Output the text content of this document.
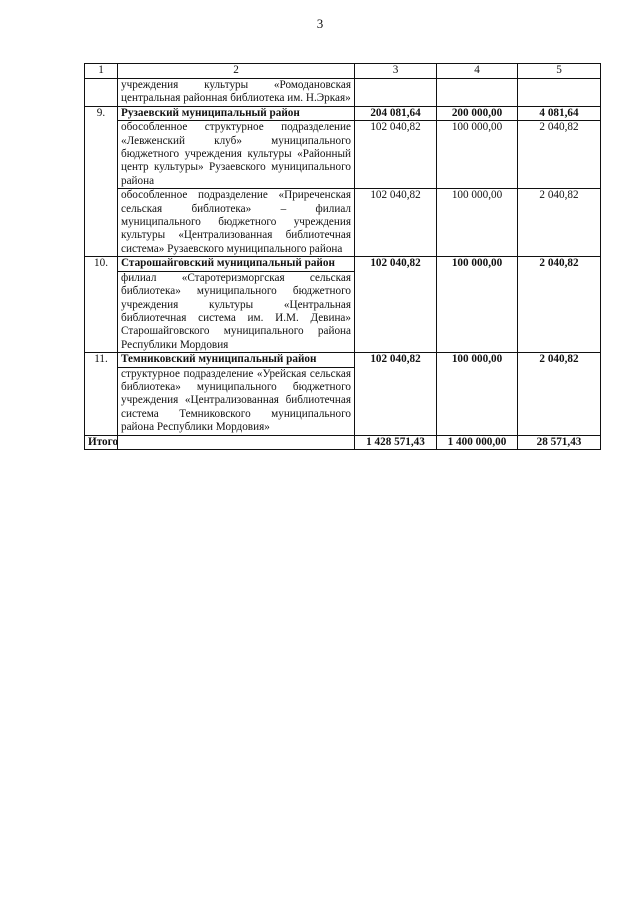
3
1	2	3	4	5
	учреждения культуры «Ромодановская центральная районная библиотека им. Н.Эркая»			
9.	Рузаевский муниципальный район	204 081,64	200 000,00	4 081,64
	обособленное структурное подразделение «Левженский клуб» муниципального бюджетного учреждения культуры «Районный центр культуры» Рузаевского муниципального района	102 040,82	100 000,00	2 040,82
	обособленное подразделение «Приреченская сельская библиотека» – филиал муниципального бюджетного учреждения культуры «Централизованная библиотечная система» Рузаевского муниципального района	102 040,82	100 000,00	2 040,82
10.	Старошайговский муниципальный район	102 040,82	100 000,00	2 040,82
	филиал «Старотеризморгская сельская библиотека» муниципального бюджетного учреждения культуры «Центральная библиотечная система им. И.М. Девина» Старошайговского муниципального района Республики Мордовия			
11.	Темниковский муниципальный район	102 040,82	100 000,00	2 040,82
	структурное подразделение «Урейская сельская библиотека» муниципального бюджетного учреждения «Централизованная библиотечная система Темниковского муниципального района Республики Мордовия»			
Итого		1 428 571,43	1 400 000,00	28 571,43
